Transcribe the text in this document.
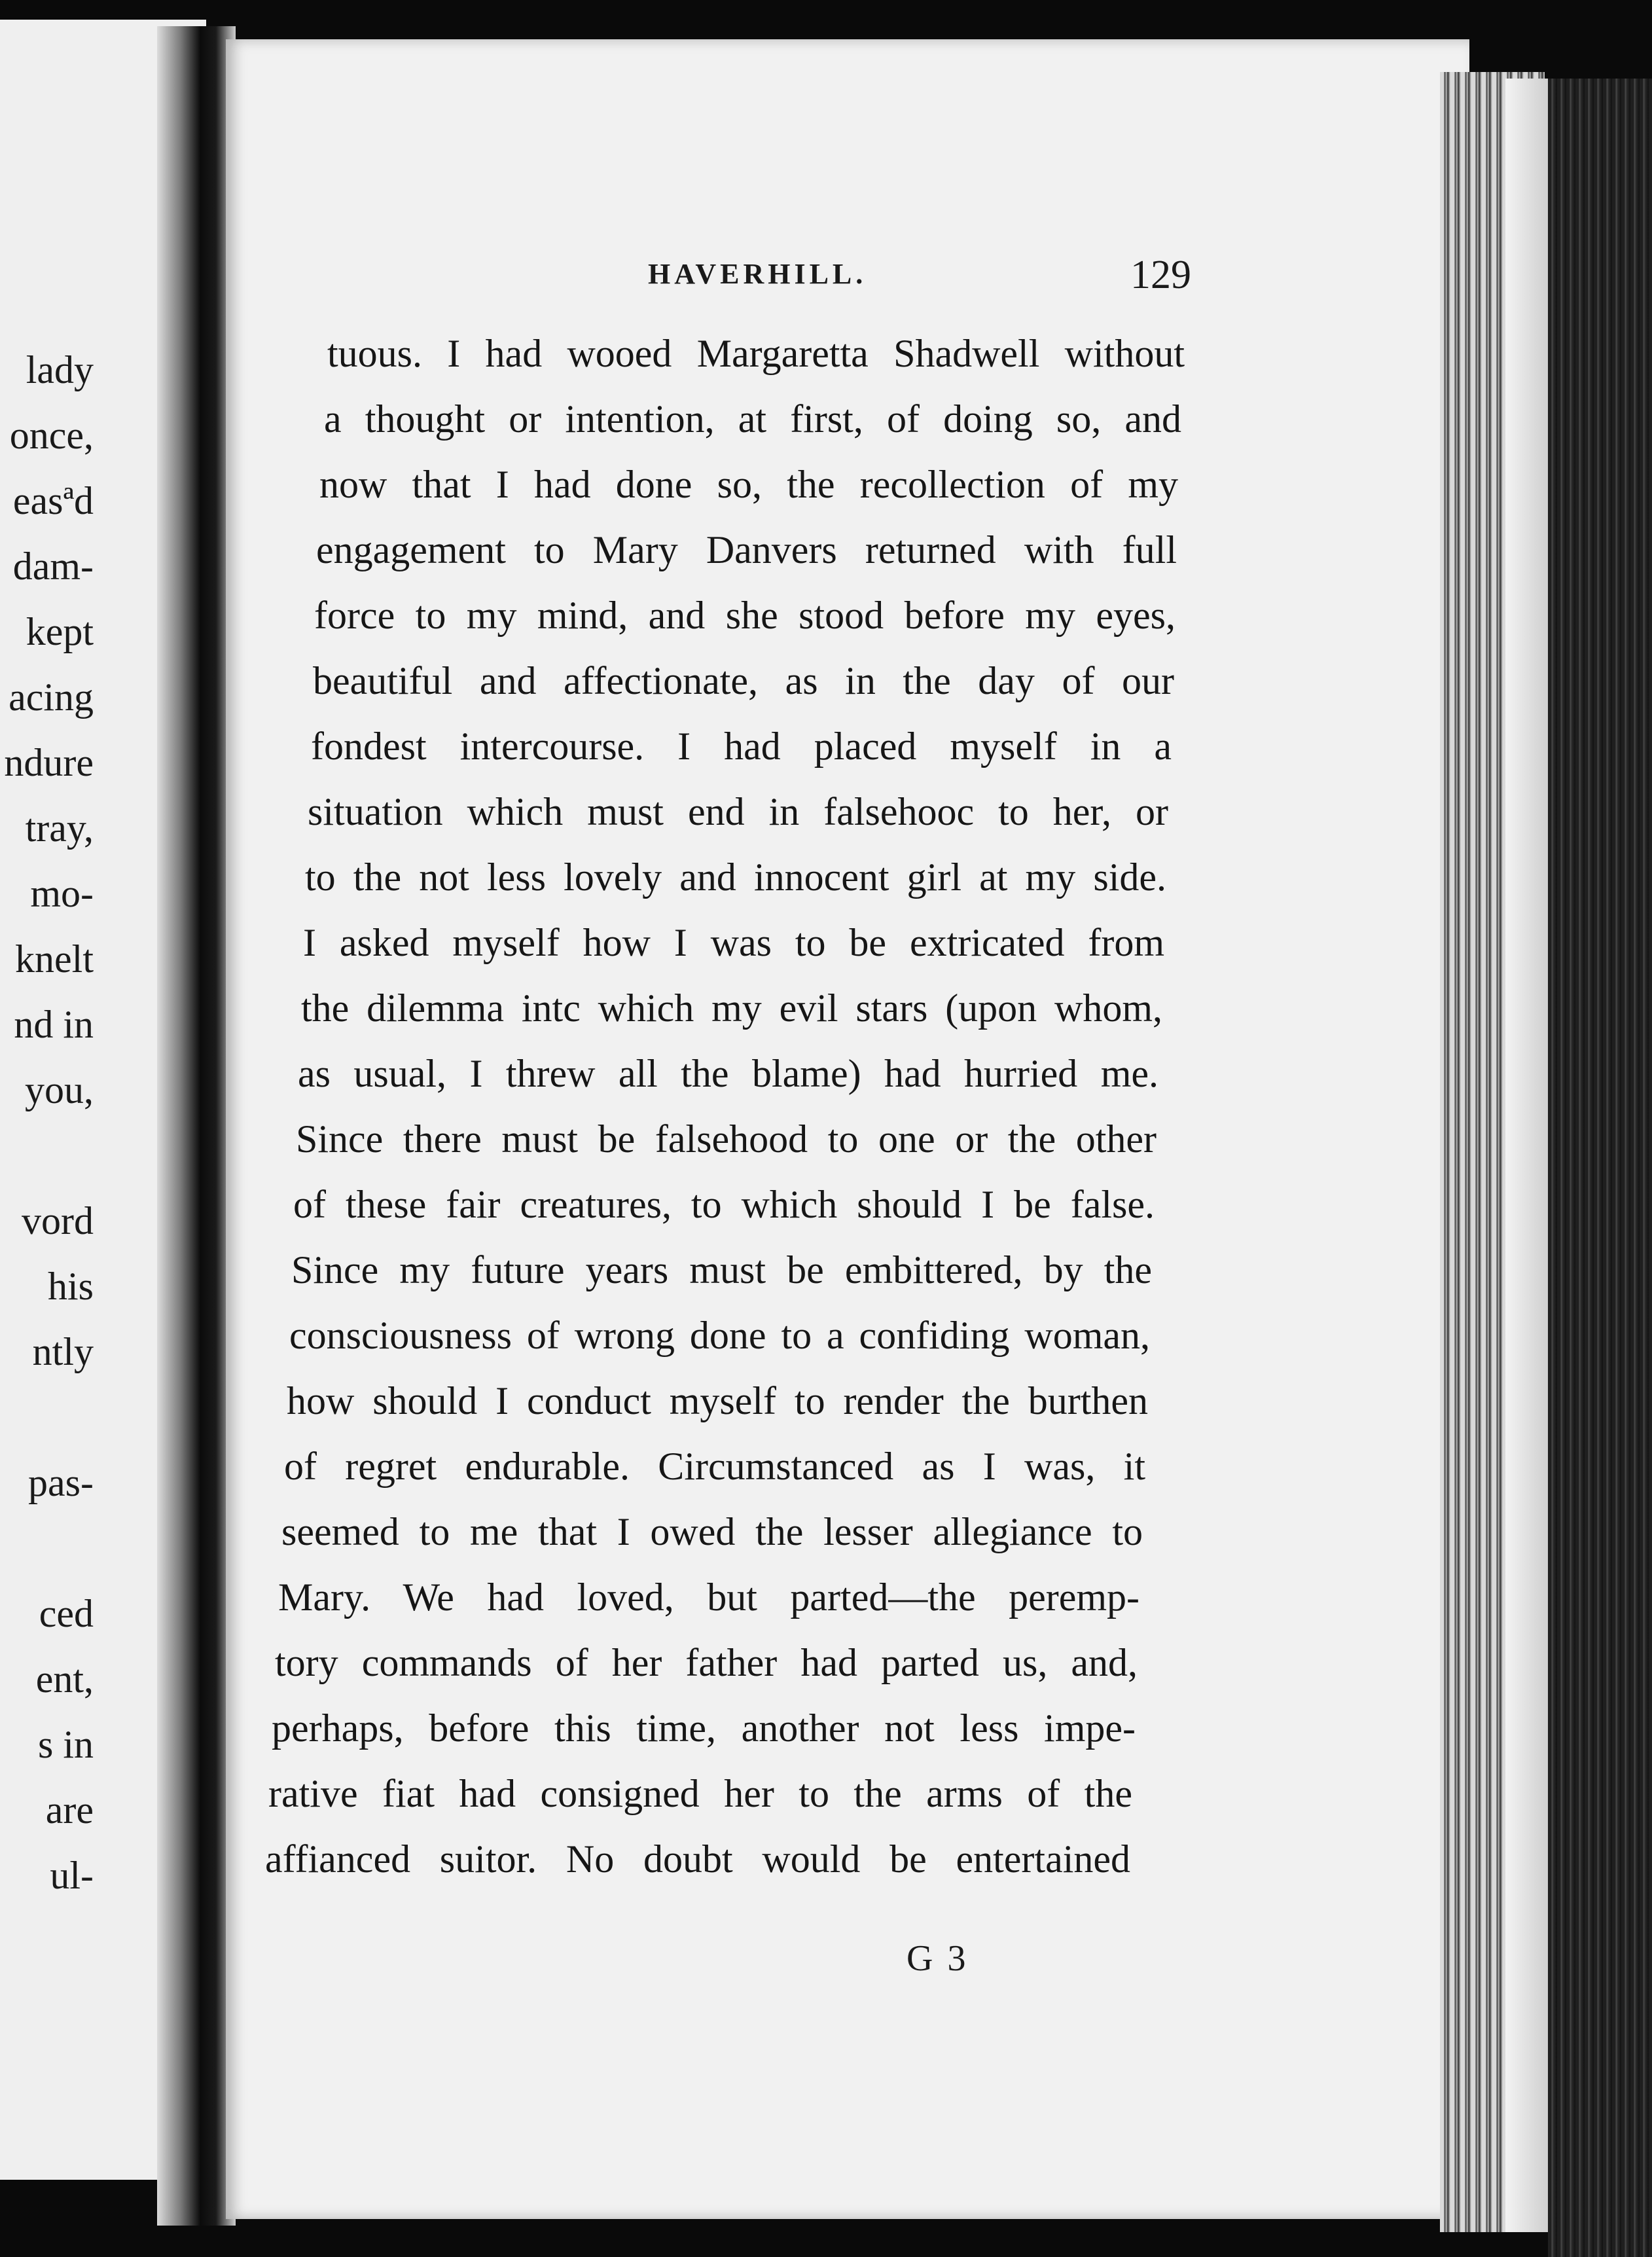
lady

once,

easªd

dam-

kept

acing

ndure

tray,

mo-

knelt

nd in

you,

vord

his

ntly

pas-

ced

ent,

s in

are

ul-

HAVERHILL.	129

tuous. I had wooed Margaretta Shadwell without

a thought or intention, at first, of doing so, and

now that I had done so, the recollection of my

engagement to Mary Danvers returned with full

force to my mind, and she stood before my eyes,

beautiful and affectionate, as in the day of our

fondest intercourse. I had placed myself in a

situation which must end in falsehooc to her, or

to the not less lovely and innocent girl at my side.

I asked myself how I was to be extricated from

the dilemma intc which my evil stars (upon whom,

as usual, I threw all the blame) had hurried me.

Since there must be falsehood to one or the other

of these fair creatures, to which should I be false.

Since my future years must be embittered, by the

consciousness of wrong done to a confiding woman,

how should I conduct myself to render the burthen

of regret endurable. Circumstanced as I was, it

seemed to me that I owed the lesser allegiance to

Mary. We had loved, but parted—the peremp-

tory commands of her father had parted us, and,

perhaps, before this time, another not less impe-

rative fiat had consigned her to the arms of the

affianced suitor. No doubt would be entertained

G 3
